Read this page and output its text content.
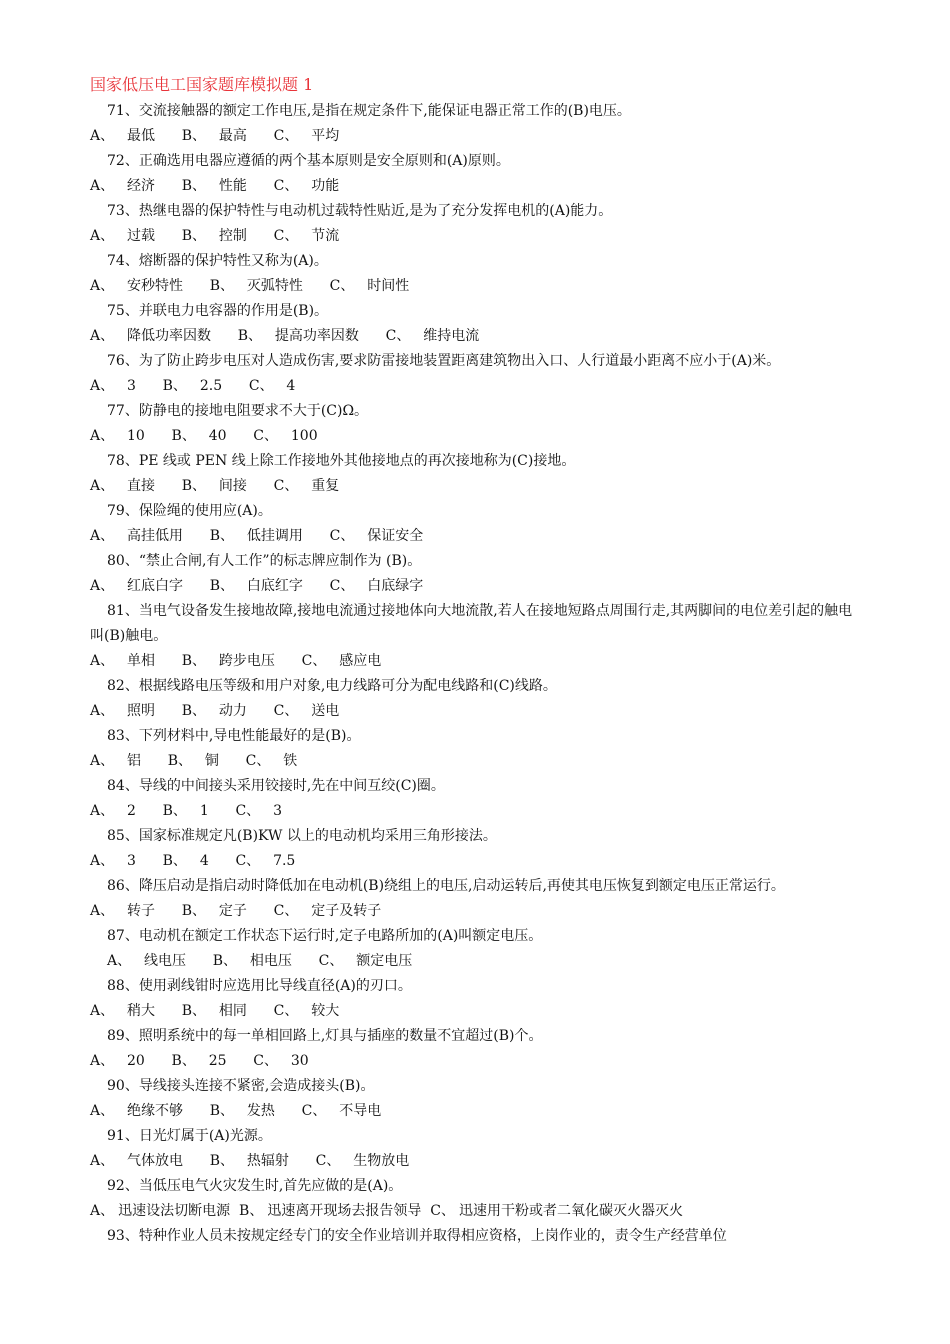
国家低压电工国家题库模拟题 1

71、交流接触器的额定工作电压,是指在规定条件下,能保证电器正常工作的(B)电压。

A、  最低 B、  最高 C、  平均

72、正确选用电器应遵循的两个基本原则是安全原则和(A)原则。

A、  经济 B、  性能 C、  功能

73、热继电器的保护特性与电动机过载特性贴近,是为了充分发挥电机的(A)能力。

A、  过载 B、  控制 C、  节流

74、熔断器的保护特性又称为(A)。

A、  安秒特性 B、  灭弧特性 C、  时间性

75、并联电力电容器的作用是(B)。

A、  降低功率因数 B、  提高功率因数 C、  维持电流

76、为了防止跨步电压对人造成伤害,要求防雷接地装置距离建筑物出入口、人行道最小距离不应小于(A)米。

A、  3 B、  2.5 C、  4

77、防静电的接地电阻要求不大于(C)Ω。

A、  10 B、  40 C、  100

78、PE 线或 PEN 线上除工作接地外其他接地点的再次接地称为(C)接地。

A、  直接 B、  间接 C、  重复

79、保险绳的使用应(A)。

A、  高挂低用 B、  低挂调用 C、  保证安全

80、“禁止合闸,有人工作”的标志牌应制作为 (B)。

A、  红底白字 B、  白底红字 C、  白底绿字

81、当电气设备发生接地故障,接地电流通过接地体向大地流散,若人在接地短路点周围行走,其两脚间的电位差引起的触电叫(B)触电。

A、  单相 B、  跨步电压 C、  感应电

82、根据线路电压等级和用户对象,电力线路可分为配电线路和(C)线路。

A、  照明 B、  动力 C、  送电

83、下列材料中,导电性能最好的是(B)。

A、  铝 B、  铜 C、  铁

84、导线的中间接头采用铰接时,先在中间互绞(C)圈。

A、  2 B、  1 C、  3

85、国家标准规定凡(B)KW 以上的电动机均采用三角形接法。

A、  3 B、  4 C、  7.5

86、降压启动是指启动时降低加在电动机(B)绕组上的电压,启动运转后,再使其电压恢复到额定电压正常运行。

A、  转子 B、  定子 C、  定子及转子

87、电动机在额定工作状态下运行时,定子电路所加的(A)叫额定电压。

A、  线电压 B、  相电压 C、  额定电压

88、使用剥线钳时应选用比导线直径(A)的刃口。

A、  稍大 B、  相同 C、  较大

89、照明系统中的每一单相回路上,灯具与插座的数量不宜超过(B)个。

A、  20 B、  25 C、  30

90、导线接头连接不紧密,会造成接头(B)。

A、  绝缘不够 B、  发热 C、  不导电

91、日光灯属于(A)光源。

A、  气体放电 B、  热辐射 C、  生物放电

92、当低压电气火灾发生时,首先应做的是(A)。

A、 迅速设法切断电源 B、 迅速离开现场去报告领导 C、 迅速用干粉或者二氧化碳灭火器灭火

93、特种作业人员未按规定经专门的安全作业培训并取得相应资格，上岗作业的，责令生产经营单位
